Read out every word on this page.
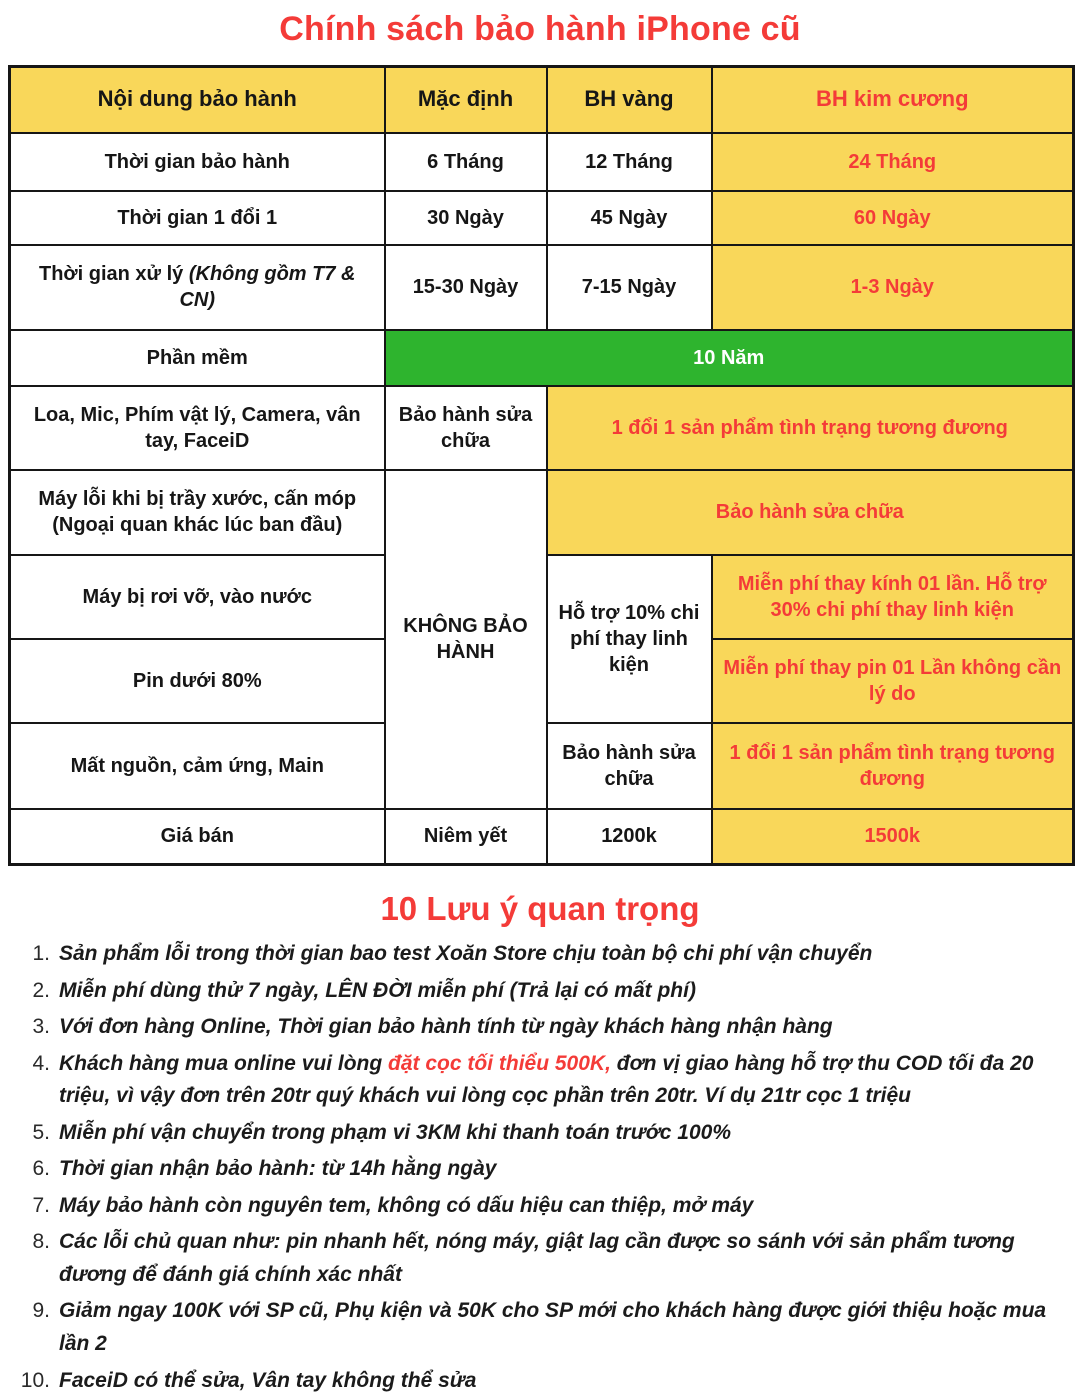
Chính sách bảo hành iPhone cũ
Nội dung bảo hành	Mặc định	BH vàng	BH kim cương
Thời gian bảo hành	6 Tháng	12 Tháng	24 Tháng
Thời gian 1 đổi 1	30 Ngày	45 Ngày	60 Ngày
Thời gian xử lý (Không gồm T7 & CN)	15-30 Ngày	7-15 Ngày	1-3 Ngày
Phần mềm	10 Năm		
Loa, Mic, Phím vật lý, Camera, vân tay, FaceiD	Bảo hành sửa chữa	1 đổi 1 sản phẩm tình trạng tương đương	
Máy lỗi khi bị trầy xước, cấn móp (Ngoại quan khác lúc ban đầu)	KHÔNG BẢO HÀNH	Bảo hành sửa chữa	
Máy bị rơi vỡ, vào nước		Hỗ trợ 10% chi phí thay linh kiện	Miễn phí thay kính 01 lần. Hỗ trợ 30% chi phí thay linh kiện
Pin dưới 80%			Miễn phí thay pin 01 Lần không cần lý do
Mất nguồn, cảm ứng, Main		Bảo hành sửa chữa	1 đổi 1 sản phẩm tình trạng tương đương
Giá bán	Niêm yết	1200k	1500k
10 Lưu ý quan trọng
1. Sản phẩm lỗi trong thời gian bao test Xoăn Store chịu toàn bộ chi phí vận chuyển
2. Miễn phí dùng thử 7 ngày, LÊN ĐỜI miễn phí (Trả lại có mất phí)
3. Với đơn hàng Online, Thời gian bảo hành tính từ ngày khách hàng nhận hàng
4. Khách hàng mua online vui lòng đặt cọc tối thiểu 500K, đơn vị giao hàng hỗ trợ thu COD tối đa 20 triệu, vì vậy đơn trên 20tr quý khách vui lòng cọc phần trên 20tr. Ví dụ 21tr cọc 1 triệu
5. Miễn phí vận chuyển trong phạm vi 3KM khi thanh toán trước 100%
6. Thời gian nhận bảo hành: từ 14h hằng ngày
7. Máy bảo hành còn nguyên tem, không có dấu hiệu can thiệp, mở máy
8. Các lỗi chủ quan như: pin nhanh hết, nóng máy, giật lag cần được so sánh với sản phẩm tương đương để đánh giá chính xác nhất
9. Giảm ngay 100K với SP cũ, Phụ kiện và 50K cho SP mới cho khách hàng được giới thiệu hoặc mua lần 2
10. FaceiD có thể sửa, Vân tay không thể sửa
